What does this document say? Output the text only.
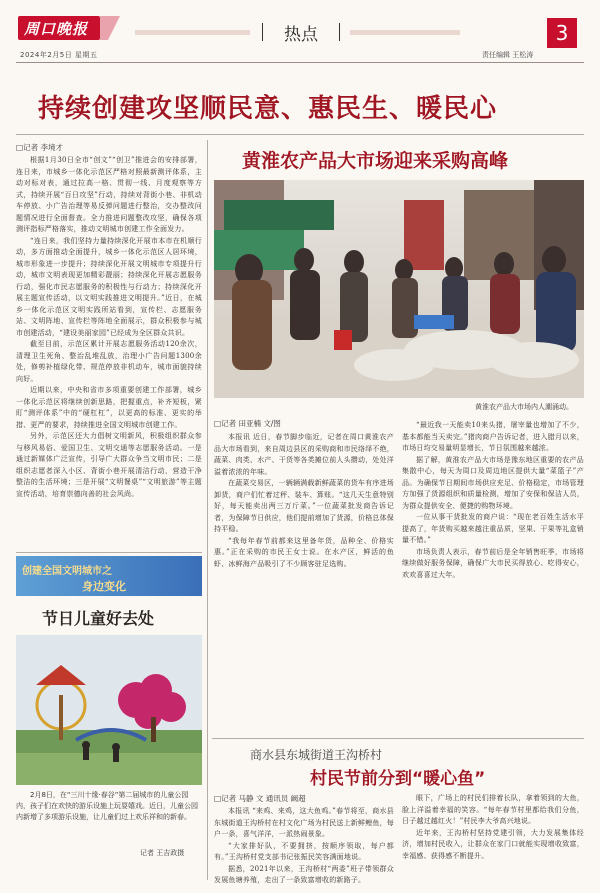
周口晚报
2024年2月5日 星期五
热点	3
责任编辑 王松涛
持续创建攻坚顺民意、惠民生、暖民心
□记者 李境才

根据1月30日全市“创文”“创卫”推进会的安排部署，连日来，市城乡一体化示范区严格对照最新测评体系，主动对标对表，通过拉高一格、贯彻一线、月度观察等方式，持续开展“百日攻坚”行动，持续对背街小巷、非机动车停放、小广告治理等易反弹问题进行整治，交办整改问题情况进行全面督查。全力推进问题整改攻坚，确保各项测评指标严格落实，推动文明城市创建工作全面发力。

“连日来，我们坚持力量持续深化开展市本市在机顺行动，多方面推动全面提升，城乡一体化示范区人居环境，城市形象进一步提升；持续深化开展文明城市专项提升行动，城市文明表现更加精彩靓丽；持续深化开展志愿服务行动，强化市民志愿服务的积极性与行动力；持续深化开展主题宣传活动，以文明实践推进文明提升。”近日，在城乡一体化示范区文明实践所站看到，宣传栏、志愿服务站、文明阵地、宣传栏等阵地全面展示，群众积极参与城市创建活动，“建设美丽家园”已经成为全区群众共识。

截至目前，示范区累计开展志愿服务活动120余次，清理卫生死角、整治乱堆乱放，治理小广告问题1300余处，修剪补植绿化带、规范停放非机动车，城市面貌持续向好。

近期以来，中央和省市多项重要创建工作部署，城乡一体化示范区将继续创新思路，把握重点，补齐短板，紧盯“测评体系”中的“硬杠杠”，以更高的标准、更实的举措、更严的要求，持续推进全国文明城市创建工作。

另外，示范区还大力倡树文明新风，积极组织群众参与移风易俗、爱国卫生、文明交通等志愿服务活动。一是通过新媒体广泛宣传，引导广大群众争当文明市民；二是组织志愿者深入小区、背街小巷开展清洁行动，营造干净整洁的生活环境；三是开展“文明餐桌”“文明旅游”等主题宣传活动，培育崇德向善的社会风尚。

黄淮农产品大市场迎来采购高峰
黄淮农产品大市场内人潮涌动。
□记者 田亚楠 文/图

本报讯 近日，春节脚步临近，记者在周口黄淮农产品大市场看到，来自周边县区的采购商和市民络绎不绝，蔬菜、肉类、水产、干货等各类摊位前人头攒动，处处洋溢着浓浓的年味。

在蔬菜交易区，一辆辆满载新鲜蔬菜的货车有序进场卸货，商户们忙着过秤、装车、算账。“这几天生意特别好，每天能卖出两三万斤菜。”一位蔬菜批发商告诉记者，为保障节日供应，他们提前增加了货源，价格总体保持平稳。

“我每年春节前都来这里备年货，品种全、价格实惠。”正在采购的市民王女士说。在水产区，鲜活的鱼虾、冰鲜海产品吸引了不少顾客驻足选购。

“最近我一天能卖10来头猪，屠宰量也增加了不少，基本都能当天卖完。”猪肉商户告诉记者，进入腊月以来，市场日均交易量明显增长，节日氛围越来越浓。

据了解，黄淮农产品大市场是豫东地区重要的农产品集散中心，每天为周口及周边地区提供大量“菜篮子”产品。为确保节日期间市场供应充足、价格稳定，市场管理方加强了货源组织和质量检测，增加了安保和保洁人员，为群众提供安全、便捷的购物环境。

一位从事干货批发的商户说：“现在老百姓生活水平提高了，年货购买越来越注重品质，坚果、干果等礼盒销量不错。”

市场负责人表示，春节前后是全年销售旺季，市场将继续做好服务保障，确保广大市民买得放心、吃得安心，欢欢喜喜过大年。

创建全国文明城市之
身边变化
节日儿童好去处
2月8日，在“三川十缘·春谷”第二届城市的儿童公园内，孩子们在欢快的游乐设施上玩耍嬉戏。近日，儿童公园内新增了多项游乐设施，让儿童们过上欢乐祥和的新春。
记者 王吉政摄
商水县东城街道王沟桥村
村民节前分到“暖心鱼”
□记者 马静 文 通讯员 阚超

本报讯 “来鸡、来鸡，这大鱼鸡。”春节将至，商水县东城街道王沟桥村在村文化广场为村民送上新鲜鲤鱼，每户一条，喜气洋洋，一派热闹景象。

“大家排好队，不要拥挤，按顺序领取，每户都有。”王沟桥村党支部书记张振民笑容满面地说。

据悉，2021年以来，王沟桥村“两委”班子带领群众发展鱼塘养殖，走出了一条致富增收的新路子。

眼下，广场上的村民们排着长队，拿着领到的大鱼，脸上洋溢着幸福的笑容。“每年春节村里都给我们分鱼，日子越过越红火！”村民李大爷高兴地说。

近年来，王沟桥村坚持党建引领，大力发展集体经济，增加村民收入，让群众在家门口就能实现增收致富，幸福感、获得感不断提升。
